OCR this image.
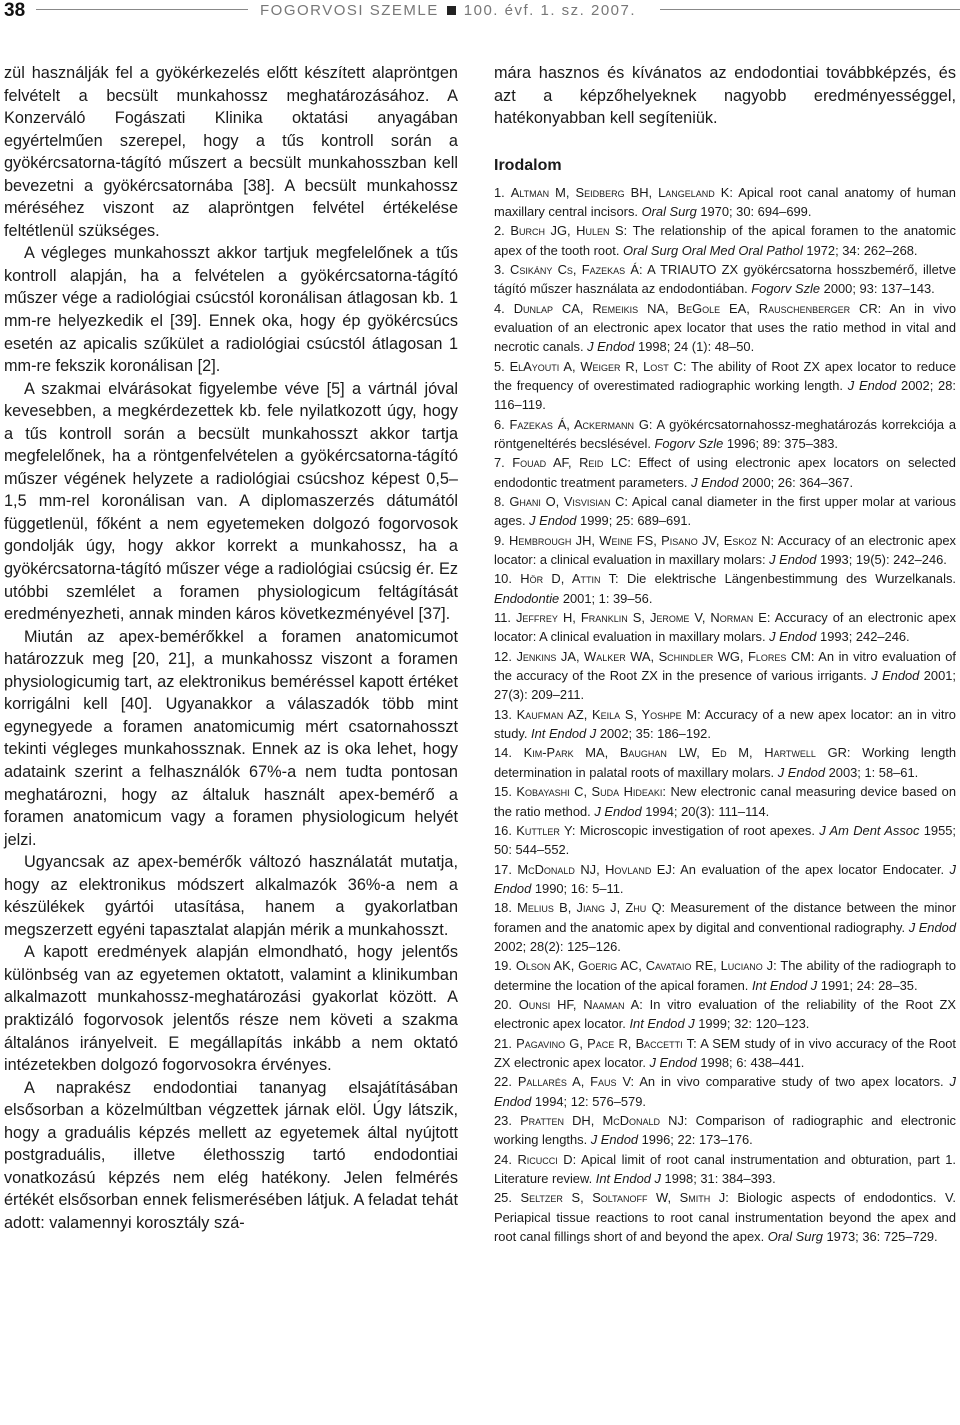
38	FOGORVOSI SZEMLE 100. évf. 1. sz. 2007.

zül használják fel a gyökérkezelés előtt készített alapröntgen felvételt a becsült munkahossz meghatározásához. A Konzerváló Fogászati Klinika oktatási anyagában egyértelműen szerepel, hogy a tűs kontroll során a gyökércsatorna-tágító műszert a becsült munkahosszban kell bevezetni a gyökércsatornába [38]. A becsült munkahossz méréséhez viszont az alapröntgen felvétel értékelése feltétlenül szükséges.

A végleges munkahosszt akkor tartjuk megfelelőnek a tűs kontroll alapján, ha a felvételen a gyökércsatorna-tágító műszer vége a radiológiai csúcstól koronálisan átlagosan kb. 1 mm-re helyezkedik el [39]. Ennek oka, hogy ép gyökércsúcs esetén az apicalis szűkület a radiológiai csúcstól átlagosan 1 mm-re fekszik koronálisan [2].

A szakmai elvárásokat figyelembe véve [5] a vártnál jóval kevesebben, a megkérdezettek kb. fele nyilatkozott úgy, hogy a tűs kontroll során a becsült munkahosszt akkor tartja megfelelőnek, ha a röntgenfelvételen a gyökércsatorna-tágító műszer végének helyzete a radiológiai csúcshoz képest 0,5–1,5 mm-rel koronálisan van. A diplomaszerzés dátumától függetlenül, főként a nem egyetemeken dolgozó fogorvosok gondolják úgy, hogy akkor korrekt a munkahossz, ha a gyökércsatorna-tágító műszer vége a radiológiai csúcsig ér. Ez utóbbi szemlélet a foramen physiologicum feltágítását eredményezheti, annak minden káros következményével [37].

Miután az apex-bemérőkkel a foramen anatomicumot határozzuk meg [20, 21], a munkahossz viszont a foramen physiologicumig tart, az elektronikus beméréssel kapott értéket korrigálni kell [40]. Ugyanakkor a válaszadók több mint egynegyede a foramen anatomicumig mért csatornahosszt tekinti végleges munkahossznak. Ennek az is oka lehet, hogy adataink szerint a felhasználók 67%-a nem tudta pontosan meghatározni, hogy az általuk használt apex-bemérő a foramen anatomicum vagy a foramen physiologicum helyét jelzi.

Ugyancsak az apex-bemérők változó használatát mutatja, hogy az elektronikus módszert alkalmazók 36%-a nem a készülékek gyártói utasítása, hanem a gyakorlatban megszerzett egyéni tapasztalat alapján mérik a munkahosszt.

A kapott eredmények alapján elmondható, hogy jelentős különbség van az egyetemen oktatott, valamint a klinikumban alkalmazott munkahossz-meghatározási gyakorlat között. A praktizáló fogorvosok jelentős része nem követi a szakma általános irányelveit. E megállapítás inkább a nem oktató intézetekben dolgozó fogorvosokra érvényes.

A naprakész endodontiai tananyag elsajátításában elsősorban a közelmúltban végzettek járnak elöl. Úgy látszik, hogy a graduális képzés mellett az egyetemek által nyújtott postgraduális, illetve élethosszig tartó endodontiai vonatkozású képzés nem elég hatékony. Jelen felmérés értékét elsősorban ennek felismerésében látjuk. A feladat tehát adott: valamennyi korosztály szá-

mára hasznos és kívánatos az endodontiai továbbképzés, és azt a képzőhelyeknek nagyobb eredményességgel, hatékonyabban kell segíteniük.

Irodalom

1. Altman M, Seidberg BH, Langeland K: Apical root canal anatomy of human maxillary central incisors. Oral Surg 1970; 30: 694–699.

2. Burch JG, Hulen S: The relationship of the apical foramen to the anatomic apex of the tooth root. Oral Surg Oral Med Oral Pathol 1972; 34: 262–268.

3. Csikány Cs, Fazekas Á: A TRIAUTO ZX gyökércsatorna hosszbemérő, illetve tágító műszer használata az endodontiában. Fogorv Szle 2000; 93: 137–143.

4. Dunlap CA, Remeikis NA, BeGole EA, Rauschenberger CR: An in vivo evaluation of an electronic apex locator that uses the ratio method in vital and necrotic canals. J Endod 1998; 24 (1): 48–50.

5. ElAyouti A, Weiger R, Lost C: The ability of Root ZX apex locator to reduce the frequency of overestimated radiographic working length. J Endod 2002; 28: 116–119.

6. Fazekas Á, Ackermann G: A gyökércsatornahossz-meghatározás korrekciója a röntgeneltérés becslésével. Fogorv Szle 1996; 89: 375–383.

7. Fouad AF, Reid LC: Effect of using electronic apex locators on selected endodontic treatment parameters. J Endod 2000; 26: 364–367.

8. Ghani O, Visvisian C: Apical canal diameter in the first upper molar at various ages. J Endod 1999; 25: 689–691.

9. Hembrough JH, Weine FS, Pisano JV, Eskoz N: Accuracy of an electronic apex locator: a clinical evaluation in maxillary molars: J Endod 1993; 19(5): 242–246.

10. Hör D, Attin T: Die elektrische Längenbestimmung des Wurzelkanals. Endodontie 2001; 1: 39–56.

11. Jeffrey H, Franklin S, Jerome V, Norman E: Accuracy of an electronic apex locator: A clinical evaluation in maxillary molars. J Endod 1993; 242–246.

12. Jenkins JA, Walker WA, Schindler WG, Flores CM: An in vitro evaluation of the accuracy of the Root ZX in the presence of various irrigants. J Endod 2001; 27(3): 209–211.

13. Kaufman AZ, Keila S, Yoshpe M: Accuracy of a new apex locator: an in vitro study. Int Endod J 2002; 35: 186–192.

14. Kim-Park MA, Baughan LW, Ed M, Hartwell GR: Working length determination in palatal roots of maxillary molars. J Endod 2003; 1: 58–61.

15. Kobayashi C, Suda Hideaki: New electronic canal measuring device based on the ratio method. J Endod 1994; 20(3): 111–114.

16. Kuttler Y: Microscopic investigation of root apexes. J Am Dent Assoc 1955; 50: 544–552.

17. McDonald NJ, Hovland EJ: An evaluation of the apex locator Endocater. J Endod 1990; 16: 5–11.

18. Melius B, Jiang J, Zhu Q: Measurement of the distance between the minor foramen and the anatomic apex by digital and conventional radiography. J Endod 2002; 28(2): 125–126.

19. Olson AK, Goerig AC, Cavataio RE, Luciano J: The ability of the radiograph to determine the location of the apical foramen. Int Endod J 1991; 24: 28–35.

20. Ounsi HF, Naaman A: In vitro evaluation of the reliability of the Root ZX electronic apex locator. Int Endod J 1999; 32: 120–123.

21. Pagavino G, Pace R, Baccetti T: A SEM study of in vivo accuracy of the Root ZX electronic apex locator. J Endod 1998; 6: 438–441.

22. Pallarés A, Faus V: An in vivo comparative study of two apex locators. J Endod 1994; 12: 576–579.

23. Pratten DH, McDonald NJ: Comparison of radiographic and electronic working lengths. J Endod 1996; 22: 173–176.

24. Ricucci D: Apical limit of root canal instrumentation and obturation, part 1. Literature review. Int Endod J 1998; 31: 384–393.

25. Seltzer S, Soltanoff W, Smith J: Biologic aspects of endodontics. V. Periapical tissue reactions to root canal instrumentation beyond the apex and root canal fillings short of and beyond the apex. Oral Surg 1973; 36: 725–729.
